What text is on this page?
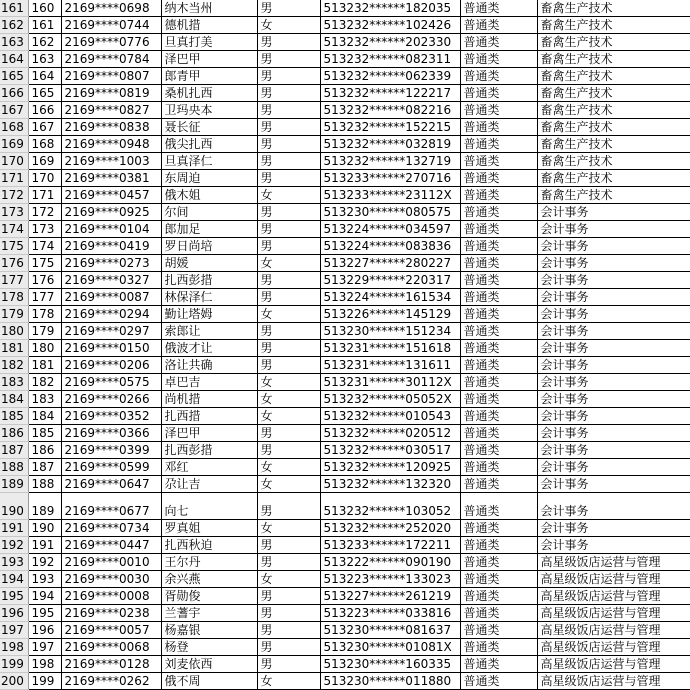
161	160	2169****0698	纳木当州	男	513232******182035	普通类	畜禽生产技术
162	161	2169****0744	德机措	女	513232******102426	普通类	畜禽生产技术
163	162	2169****0776	旦真打美	男	513232******202330	普通类	畜禽生产技术
164	163	2169****0784	泽巴甲	男	513232******082311	普通类	畜禽生产技术
165	164	2169****0807	郎青甲	男	513232******062339	普通类	畜禽生产技术
166	165	2169****0819	桑机扎西	男	513232******122217	普通类	畜禽生产技术
167	166	2169****0827	卫玛央本	男	513232******082216	普通类	畜禽生产技术
168	167	2169****0838	聂长征	男	513232******152215	普通类	畜禽生产技术
169	168	2169****0948	俄尖扎西	男	513232******032819	普通类	畜禽生产技术
170	169	2169****1003	旦真泽仁	男	513232******132719	普通类	畜禽生产技术
171	170	2169****0381	东周迫	男	513233******270716	普通类	畜禽生产技术
172	171	2169****0457	俄木姐	女	513233******23112X	普通类	畜禽生产技术
173	172	2169****0925	尔间	男	513230******080575	普通类	会计事务
174	173	2169****0104	郎加足	男	513224******034597	普通类	会计事务
175	174	2169****0419	罗日尚培	男	513224******083836	普通类	会计事务
176	175	2169****0273	胡媛	女	513227******280227	普通类	会计事务
177	176	2169****0327	扎西彭措	男	513229******220317	普通类	会计事务
178	177	2169****0087	林保泽仁	男	513224******161534	普通类	会计事务
179	178	2169****0294	勤让塔姆	女	513226******145129	普通类	会计事务
180	179	2169****0297	索郎让	男	513230******151234	普通类	会计事务
181	180	2169****0150	俄波才让	男	513231******151618	普通类	会计事务
182	181	2169****0206	洛让共确	男	513231******131611	普通类	会计事务
183	182	2169****0575	卓巴吉	女	513231******30112X	普通类	会计事务
184	183	2169****0266	尚机措	女	513232******05052X	普通类	会计事务
185	184	2169****0352	扎西措	女	513232******010543	普通类	会计事务
186	185	2169****0366	泽巴甲	男	513232******020512	普通类	会计事务
187	186	2169****0399	扎西彭措	男	513232******030517	普通类	会计事务
188	187	2169****0599	邓红	女	513232******120925	普通类	会计事务
189	188	2169****0647	尕让吉	女	513232******132320	普通类	会计事务
190	189	2169****0677	向七	男	513232******103052	普通类	会计事务
191	190	2169****0734	罗真姐	女	513232******252020	普通类	会计事务
192	191	2169****0447	扎西秋迫	男	513233******172211	普通类	会计事务
193	192	2169****0010	王尔丹	男	513222******090190	普通类	高星级饭店运营与管理
194	193	2169****0030	余兴燕	女	513223******133023	普通类	高星级饭店运营与管理
195	194	2169****0008	胥勋俊	男	513227******261219	普通类	高星级饭店运营与管理
196	195	2169****0238	兰蓍宇	男	513223******033816	普通类	高星级饭店运营与管理
197	196	2169****0057	杨嘉银	男	513230******081637	普通类	高星级饭店运营与管理
198	197	2169****0068	杨登	男	513230******01081X	普通类	高星级饭店运营与管理
199	198	2169****0128	刘麦依西	男	513230******160335	普通类	高星级饭店运营与管理
200	199	2169****0262	俄不周	女	513230******011880	普通类	高星级饭店运营与管理
